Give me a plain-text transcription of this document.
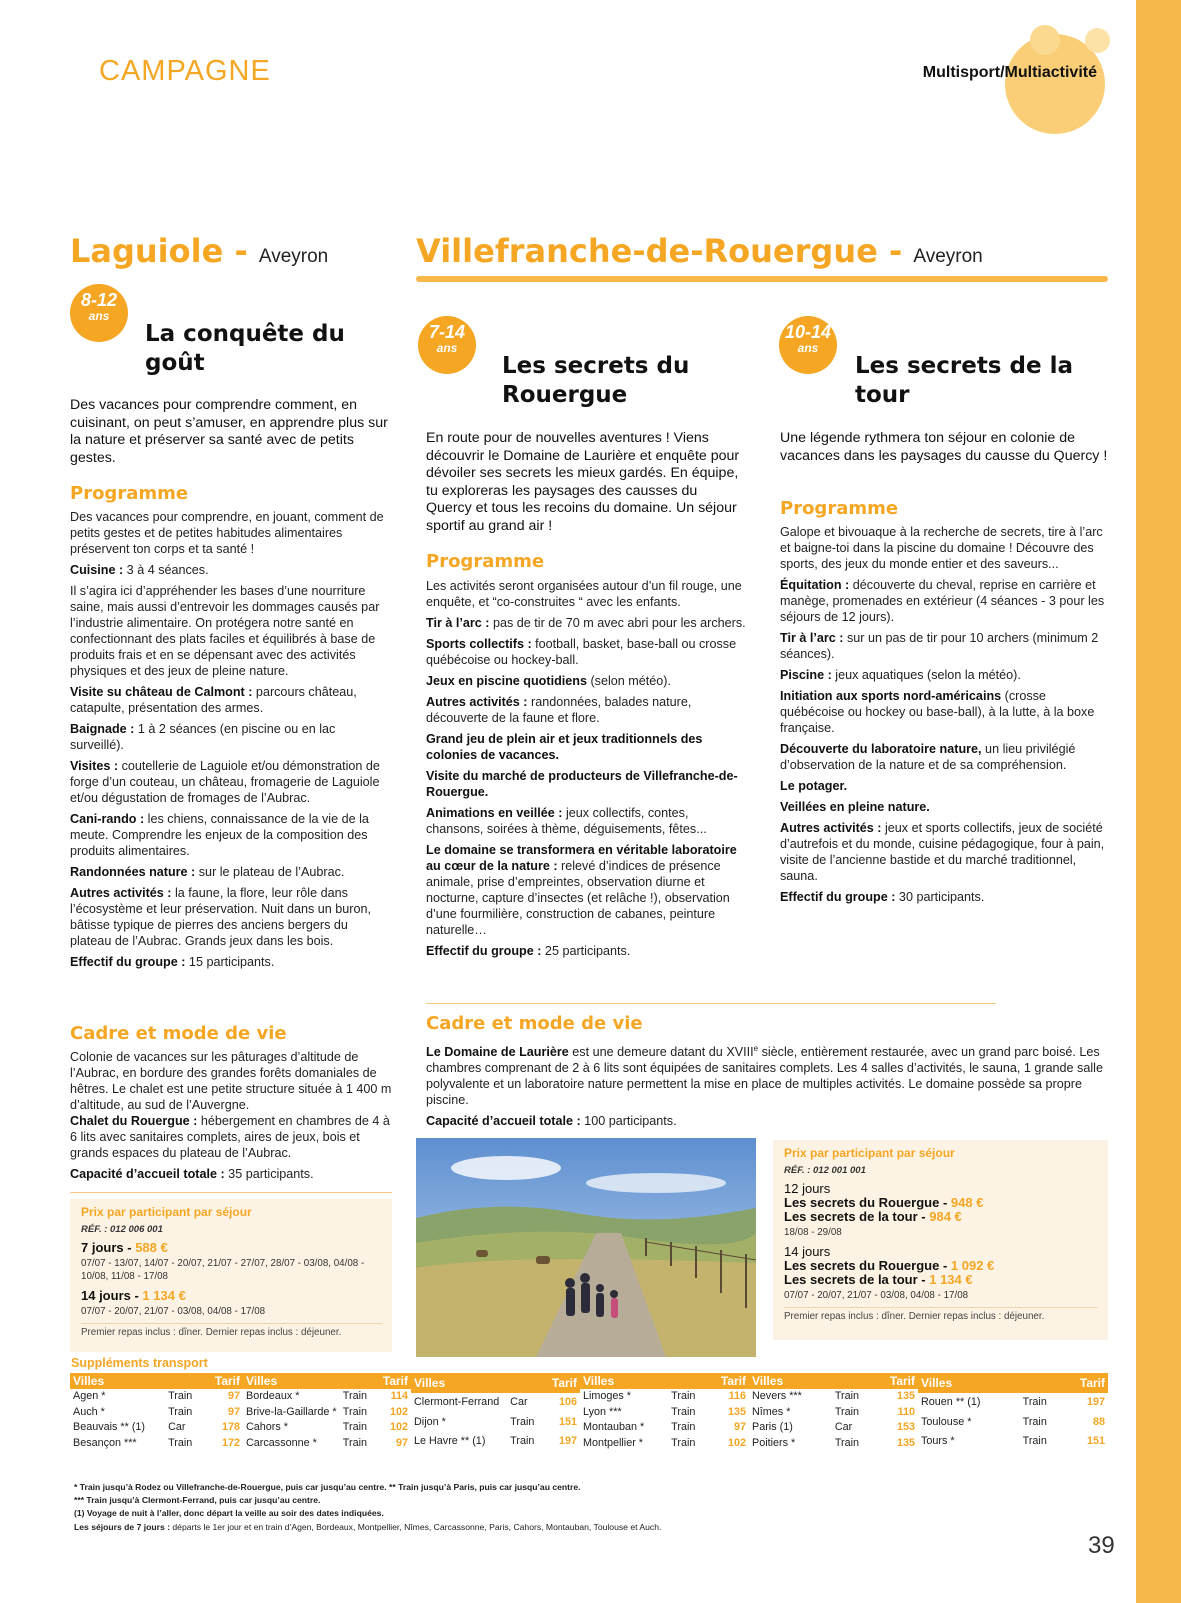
CAMPAGNE	Multisport/Multiactivité
Laguiole - Aveyron
8-12
ans
La conquête du goût
Des vacances pour comprendre comment, en cuisinant, on peut s’amuser, en apprendre plus sur la nature et préserver sa santé avec de petits gestes.
Programme

Des vacances pour comprendre, en jouant, comment de petits gestes et de petites habitudes alimentaires préservent ton corps et ta santé !

Cuisine : 3 à 4 séances.

Il s’agira ici d’appréhender les bases d’une nourriture saine, mais aussi d’entrevoir les dommages causés par l’industrie alimentaire. On protégera notre santé en confectionnant des plats faciles et équilibrés à base de produits frais et en se dépensant avec des activités physiques et des jeux de pleine nature.

Visite su château de Calmont : parcours château, catapulte, présentation des armes.

Baignade : 1 à 2 séances (en piscine ou en lac surveillé).

Visites : coutellerie de Laguiole et/ou démonstration de forge d’un couteau, un château, fromagerie de Laguiole et/ou dégustation de fromages de l’Aubrac.

Cani-rando : les chiens, connaissance de la vie de la meute. Comprendre les enjeux de la composition des produits alimentaires.

Randonnées nature : sur le plateau de l’Aubrac.

Autres activités : la faune, la flore, leur rôle dans l’écosystème et leur préservation. Nuit dans un buron, bâtisse typique de pierres des anciens bergers du plateau de l’Aubrac. Grands jeux dans les bois.

Effectif du groupe : 15 participants.

Cadre et mode de vie

Colonie de vacances sur les pâturages d’altitude de l’Aubrac, en bordure des grandes forêts domaniales de hêtres. Le chalet est une petite structure située à 1 400 m d’altitude, au sud de l’Auvergne.
Chalet du Rouergue : hébergement en chambres de 4 à 6 lits avec sanitaires complets, aires de jeux, bois et grands espaces du plateau de l’Aubrac.

Capacité d’accueil totale : 35 participants.

Prix par participant par séjour
RÉF. : 012 006 001
7 jours - 588 €
07/07 - 13/07, 14/07 - 20/07, 21/07 - 27/07, 28/07 - 03/08, 04/08 - 10/08, 11/08 - 17/08
14 jours - 1 134 €
07/07 - 20/07, 21/07 - 03/08, 04/08 - 17/08
Premier repas inclus : dîner. Dernier repas inclus : déjeuner.
Villefranche-de-Rouergue - Aveyron
7-14
ans
Les secrets du Rouergue
En route pour de nouvelles aventures ! Viens découvrir le Domaine de Laurière et enquête pour dévoiler ses secrets les mieux gardés. En équipe, tu exploreras les paysages des causses du Quercy et tous les recoins du domaine. Un séjour sportif au grand air !
Programme

Les activités seront organisées autour d’un fil rouge, une enquête, et “co-construites “ avec les enfants.

Tir à l’arc : pas de tir de 70 m avec abri pour les archers.

Sports collectifs : football, basket, base-ball ou crosse québécoise ou hockey-ball.

Jeux en piscine quotidiens (selon météo).

Autres activités : randonnées, balades nature, découverte de la faune et flore.

Grand jeu de plein air et jeux traditionnels des colonies de vacances.

Visite du marché de producteurs de Villefranche-de-Rouergue.

Animations en veillée : jeux collectifs, contes, chansons, soirées à thème, déguisements, fêtes...

Le domaine se transformera en véritable laboratoire au cœur de la nature : relevé d’indices de présence animale, prise d’empreintes, observation diurne et nocturne, capture d’insectes (et relâche !), observation d’une fourmilière, construction de cabanes, peinture naturelle…

Effectif du groupe : 25 participants.

10-14
ans
Les secrets de la tour
Une légende rythmera ton séjour en colonie de vacances dans les paysages du causse du Quercy !
Programme

Galope et bivouaque à la recherche de secrets, tire à l’arc et baigne-toi dans la piscine du domaine ! Découvre des sports, des jeux du monde entier et des saveurs...

Équitation : découverte du cheval, reprise en carrière et manège, promenades en extérieur (4 séances - 3 pour les séjours de 12 jours).

Tir à l’arc : sur un pas de tir pour 10 archers (minimum 2 séances).

Piscine : jeux aquatiques (selon la météo).

Initiation aux sports nord-américains (crosse québécoise ou hockey ou base-ball), à la lutte, à la boxe française.

Découverte du laboratoire nature, un lieu privilégié d’observation de la nature et de sa compréhension.

Le potager.

Veillées en pleine nature.

Autres activités : jeux et sports collectifs, jeux de société d’autrefois et du monde, cuisine pédagogique, four à pain, visite de l’ancienne bastide et du marché traditionnel, sauna.

Effectif du groupe : 30 participants.

Cadre et mode de vie

Le Domaine de Laurière est une demeure datant du XVIIIe siècle, entièrement restaurée, avec un grand parc boisé. Les chambres comprenant de 2 à 6 lits sont équipées de sanitaires complets. Les 4 salles d’activités, le sauna, 1 grande salle polyvalente et un laboratoire nature permettent la mise en place de multiples activités. Le domaine possède sa propre piscine.

Capacité d’accueil totale : 100 participants.

Prix par participant par séjour
RÉF. : 012 001 001
12 jours
Les secrets du Rouergue - 948 €
Les secrets de la tour - 984 €
18/08 - 29/08
14 jours
Les secrets du Rouergue - 1 092 €
Les secrets de la tour - 1 134 €
07/07 - 20/07, 21/07 - 03/08, 04/08 - 17/08
Premier repas inclus : dîner. Dernier repas inclus : déjeuner.
Suppléments transport
Villes		Tarif
Agen *	Train	97
Auch *	Train	97
Beauvais ** (1)	Car	178
Besançon ***	Train	172
Villes		Tarif
Bordeaux *	Train	114
Brive-la-Gaillarde *	Train	102
Cahors *	Train	102
Carcassonne *	Train	97
Villes		Tarif
Clermont-Ferrand	Car	106
Dijon *	Train	151
Le Havre ** (1)	Train	197
Villes		Tarif
Limoges *	Train	116
Lyon ***	Train	135
Montauban *	Train	97
Montpellier *	Train	102
Villes		Tarif
Nevers ***	Train	135
Nîmes *	Train	110
Paris (1)	Car	153
Poitiers *	Train	135
Villes		Tarif
Rouen ** (1)	Train	197
Toulouse *	Train	88
Tours *	Train	151
* Train jusqu’à Rodez ou Villefranche-de-Rouergue, puis car jusqu’au centre. ** Train jusqu’à Paris, puis car jusqu’au centre.
*** Train jusqu’à Clermont-Ferrand, puis car jusqu’au centre.
(1) Voyage de nuit à l’aller, donc départ la veille au soir des dates indiquées.
Les séjours de 7 jours : départs le 1er jour et en train d’Agen, Bordeaux, Montpellier, Nîmes, Carcassonne, Paris, Cahors, Montauban, Toulouse et Auch.
39
